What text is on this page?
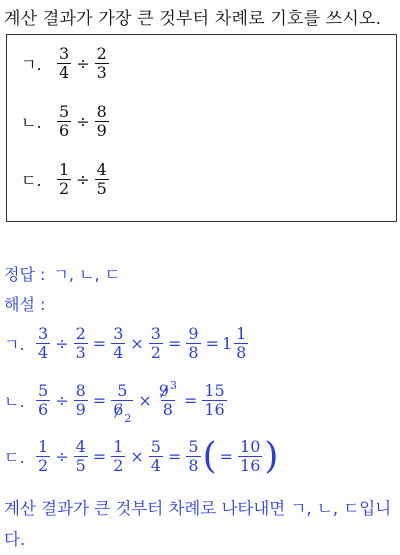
계산 결과가 가장 큰 것부터 차례로 기호를 쓰시오.
ㄱ. $\frac{3}{4} \div \frac{2}{3}$
ㄴ. $\frac{5}{6} \div \frac{8}{9}$
ㄷ. $\frac{1}{2} \div \frac{4}{5}$
정답 : ㄱ, ㄴ, ㄷ
해설 :
ㄱ. $\frac{3}{4} \div \frac{2}{3} = \frac{3}{4} \times \frac{3}{2} = \frac{9}{8} = 1 \frac{1}{8}$
ㄴ. $\frac{5}{6} \div \frac{8}{9} = \frac{5}{6_2} \times \frac{9^3}{8} = \frac{15}{16}$
ㄷ. $\frac{1}{2} \div \frac{4}{5} = \frac{1}{2} \times \frac{5}{4} = \frac{5}{8}$ ( = $\frac{10}{16}$ )
계산 결과가 큰 것부터 차례로 나타내면 ㄱ, ㄴ, ㄷ입니다.
